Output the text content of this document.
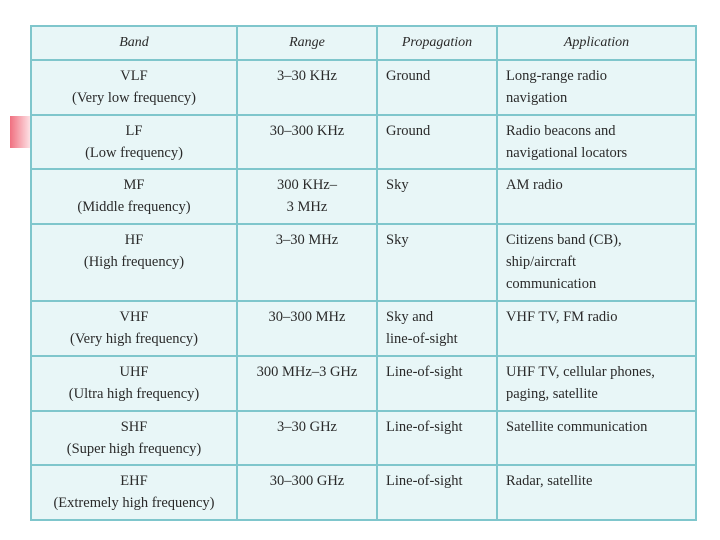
Band	Range	Propagation	Application

VLF
(Very low frequency)	3–30 KHz	Ground	Long-range radio
navigation

LF
(Low frequency)	30–300 KHz	Ground	Radio beacons and
navigational locators

MF
(Middle frequency)	300 KHz–
3 MHz	Sky	AM radio

HF
(High frequency)	3–30 MHz	Sky	Citizens band (CB),
ship/aircraft
communication

VHF
(Very high frequency)	30–300 MHz	Sky and
line-of-sight	VHF TV, FM radio

UHF
(Ultra high frequency)	300 MHz–3 GHz	Line-of-sight	UHF TV, cellular phones,
paging, satellite

SHF
(Super high frequency)	3–30 GHz	Line-of-sight	Satellite communication

EHF
(Extremely high frequency)	30–300 GHz	Line-of-sight	Radar, satellite
